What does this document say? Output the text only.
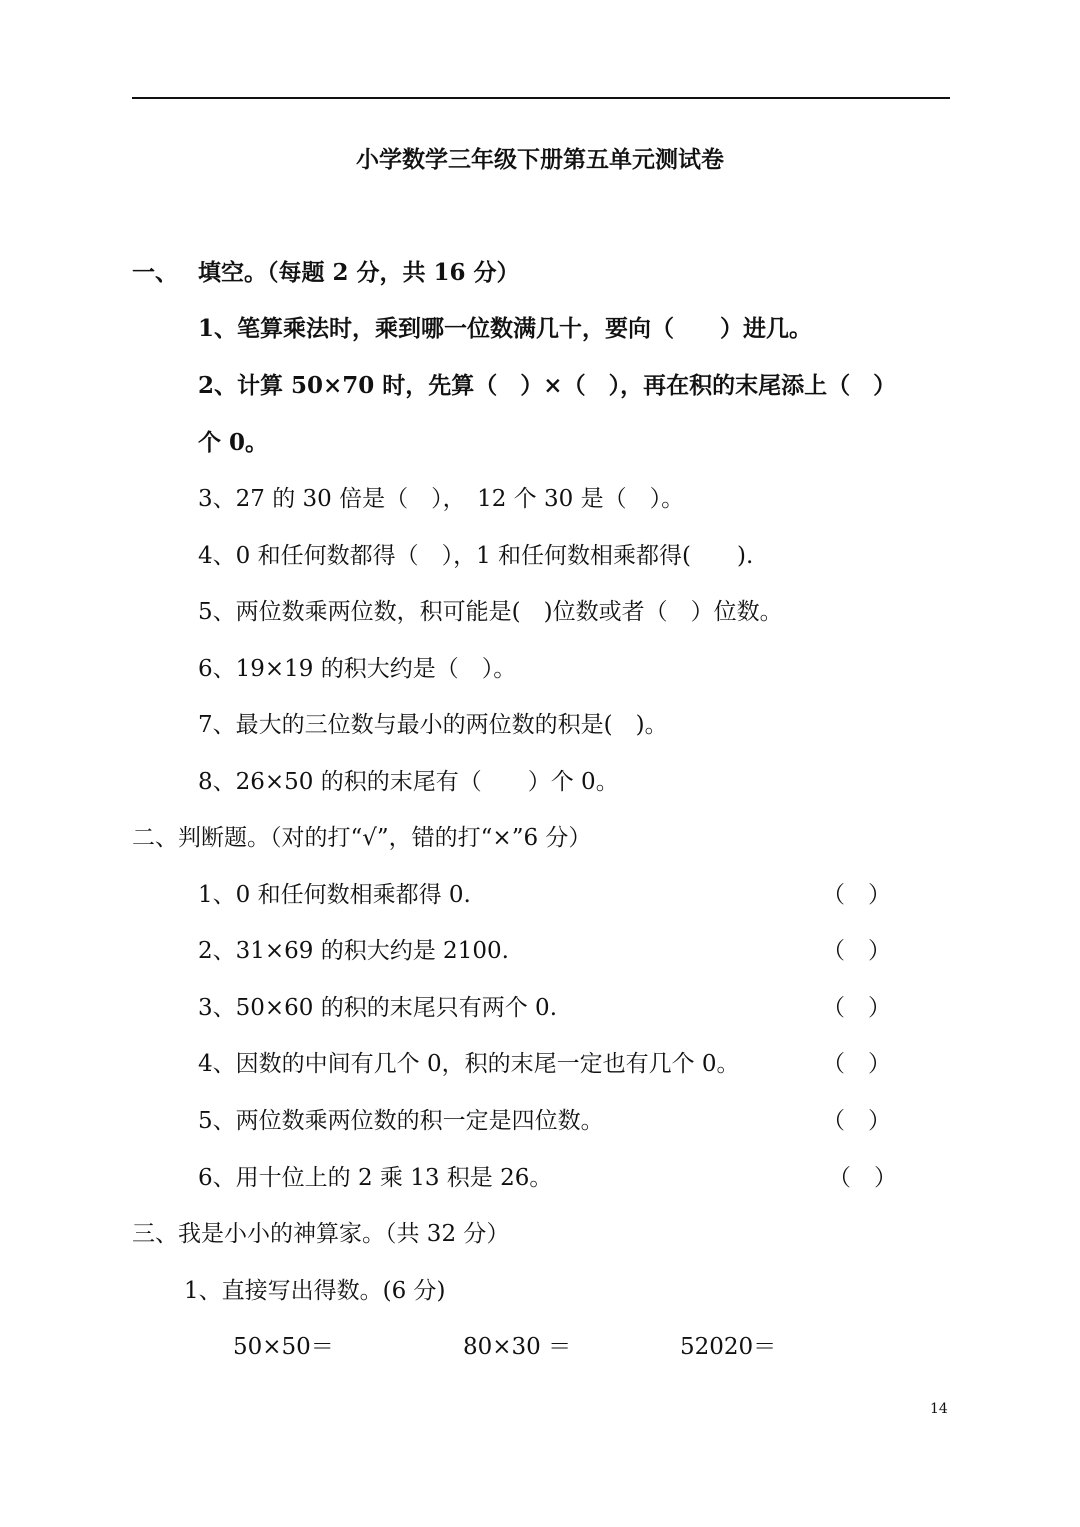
小学数学三年级下册第五单元测试卷
一、 填空。（每题 2 分，共 16 分）
1、笔算乘法时，乘到哪一位数满几十，要向（　　）进几。
2、计算 50×70 时，先算（　）×（　），再在积的末尾添上（　）
个 0。
3、27 的 30 倍是（　），　12 个 30 是（　）。
4、0 和任何数都得（　），1 和任何数相乘都得(　　).
5、两位数乘两位数，积可能是(　)位数或者（　）位数。
6、19×19 的积大约是（　）。
7、最大的三位数与最小的两位数的积是(　)。
8、26×50 的积的末尾有（　　）个 0。
二、判断题。（对的打“√”，错的打“×”6 分）
1、0 和任何数相乘都得 0.	（　）
2、31×69 的积大约是 2100.	（　）
3、50×60 的积的末尾只有两个 0.	（　）
4、因数的中间有几个 0，积的末尾一定也有几个 0。	（　）
5、两位数乘两位数的积一定是四位数。	（　）
6、用十位上的 2 乘 13 积是 26。	（　）
三、我是小小的神算家。（共 32 分）
1、直接写出得数。(6 分)
50×50＝	80×30 ＝	52020＝
14
